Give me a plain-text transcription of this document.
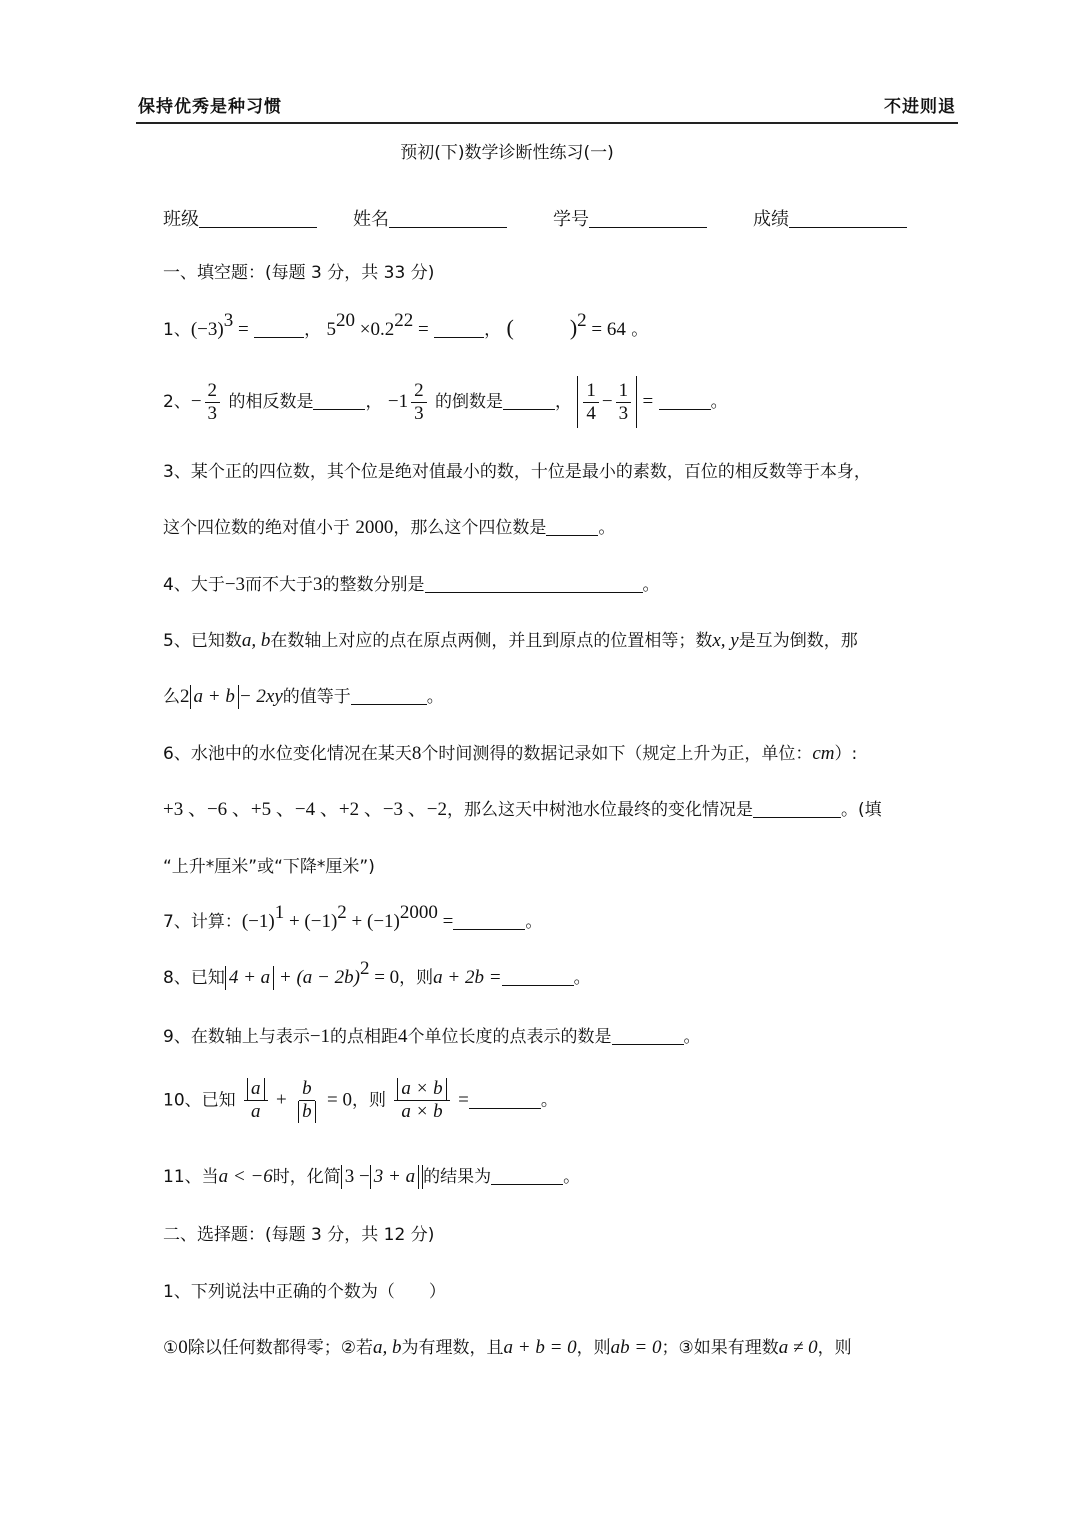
保持优秀是种习惯	不进则退
预初(下)数学诊断性练习(一)
班级	姓名	学号	成绩
一、填空题：(每题 3 分，共 33 分)
1、$(-3)^3$ =	， $5^{20} \times 0.2^{22}$ =	， (	)$^2$ = 64 。
2、− $\frac{2}{3}$ 的相反数是	， $-1 \frac{2}{3}$ 的倒数是	， $\frac{1}{4} - \frac{1}{3}$ =	。
3、某个正的四位数，其个位是绝对值最小的数，十位是最小的素数，百位的相反数等于本身，
这个四位数的绝对值小于 2000，那么这个四位数是	。
4、大于−3而不大于3的整数分别是	。
5、已知数a, b在数轴上对应的点在原点两侧，并且到原点的位置相等；数x, y是互为倒数，那
么2 a + b − 2xy的值等于	。
6、水池中的水位变化情况在某天8个时间测得的数据记录如下（规定上升为正，单位：cm）:
+3 、−6 、+5 、−4 、+2 、−3 、−2，那么这天中树池水位最终的变化情况是	。(填
“上升*厘米”或“下降*厘米”)
7、计算：$(-1)^1 + (-1)^2 + (-1)^{2000}$ =	。
8、已知 $4 + a + (a - 2b)^2 = 0$，则a + 2b =	。
9、在数轴上与表示−1的点相距4个单位长度的点表示的数是	。
10、已知 $\frac{a}{a} + \frac{b}{b} = 0$，则 $\frac{a \times b}{a \times b}$ =	。
11、当a < −6时，化简 3 − 3 + a 的结果为	。
二、选择题：(每题 3 分，共 12 分)
1、下列说法中正确的个数为（　　）
①0除以任何数都得零；②若a, b为有理数，且a + b = 0，则ab = 0；③如果有理数a ≠ 0，则
